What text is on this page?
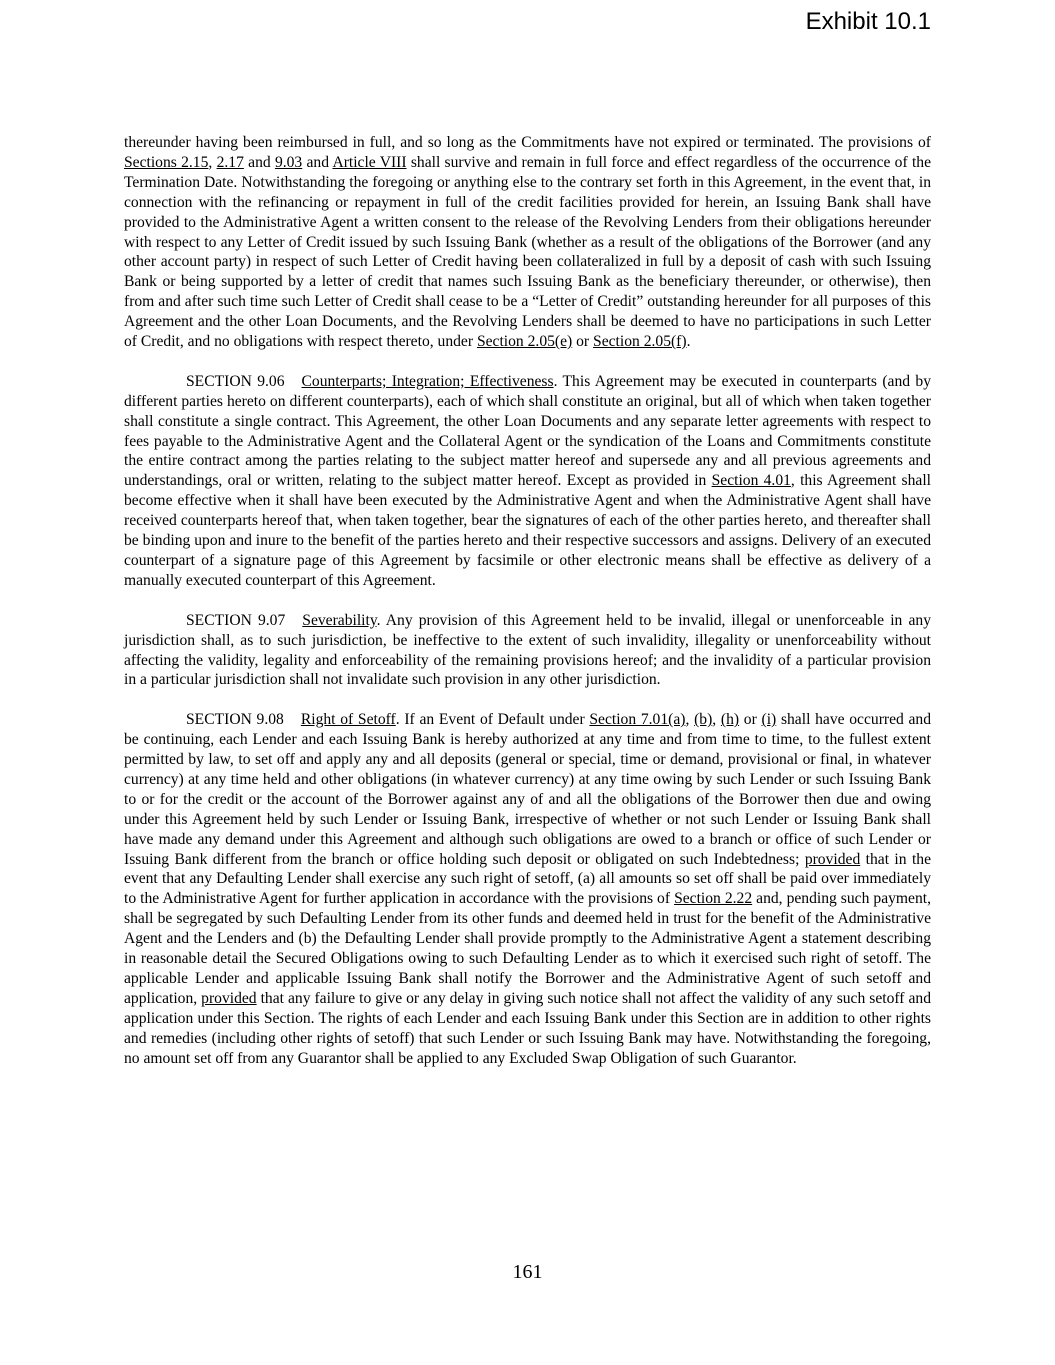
Exhibit 10.1

thereunder having been reimbursed in full, and so long as the Commitments have not expired or terminated. The provisions of Sections 2.15, 2.17 and 9.03 and Article VIII shall survive and remain in full force and effect regardless of the occurrence of the Termination Date. Notwithstanding the foregoing or anything else to the contrary set forth in this Agreement, in the event that, in connection with the refinancing or repayment in full of the credit facilities provided for herein, an Issuing Bank shall have provided to the Administrative Agent a written consent to the release of the Revolving Lenders from their obligations hereunder with respect to any Letter of Credit issued by such Issuing Bank (whether as a result of the obligations of the Borrower (and any other account party) in respect of such Letter of Credit having been collateralized in full by a deposit of cash with such Issuing Bank or being supported by a letter of credit that names such Issuing Bank as the beneficiary thereunder, or otherwise), then from and after such time such Letter of Credit shall cease to be a “Letter of Credit” outstanding hereunder for all purposes of this Agreement and the other Loan Documents, and the Revolving Lenders shall be deemed to have no participations in such Letter of Credit, and no obligations with respect thereto, under Section 2.05(e) or Section 2.05(f).

SECTION 9.06 Counterparts; Integration; Effectiveness. This Agreement may be executed in counterparts (and by different parties hereto on different counterparts), each of which shall constitute an original, but all of which when taken together shall constitute a single contract. This Agreement, the other Loan Documents and any separate letter agreements with respect to fees payable to the Administrative Agent and the Collateral Agent or the syndication of the Loans and Commitments constitute the entire contract among the parties relating to the subject matter hereof and supersede any and all previous agreements and understandings, oral or written, relating to the subject matter hereof. Except as provided in Section 4.01, this Agreement shall become effective when it shall have been executed by the Administrative Agent and when the Administrative Agent shall have received counterparts hereof that, when taken together, bear the signatures of each of the other parties hereto, and thereafter shall be binding upon and inure to the benefit of the parties hereto and their respective successors and assigns. Delivery of an executed counterpart of a signature page of this Agreement by facsimile or other electronic means shall be effective as delivery of a manually executed counterpart of this Agreement.

SECTION 9.07 Severability. Any provision of this Agreement held to be invalid, illegal or unenforceable in any jurisdiction shall, as to such jurisdiction, be ineffective to the extent of such invalidity, illegality or unenforceability without affecting the validity, legality and enforceability of the remaining provisions hereof; and the invalidity of a particular provision in a particular jurisdiction shall not invalidate such provision in any other jurisdiction.

SECTION 9.08 Right of Setoff. If an Event of Default under Section 7.01(a), (b), (h) or (i) shall have occurred and be continuing, each Lender and each Issuing Bank is hereby authorized at any time and from time to time, to the fullest extent permitted by law, to set off and apply any and all deposits (general or special, time or demand, provisional or final, in whatever currency) at any time held and other obligations (in whatever currency) at any time owing by such Lender or such Issuing Bank to or for the credit or the account of the Borrower against any of and all the obligations of the Borrower then due and owing under this Agreement held by such Lender or Issuing Bank, irrespective of whether or not such Lender or Issuing Bank shall have made any demand under this Agreement and although such obligations are owed to a branch or office of such Lender or Issuing Bank different from the branch or office holding such deposit or obligated on such Indebtedness; provided that in the event that any Defaulting Lender shall exercise any such right of setoff, (a) all amounts so set off shall be paid over immediately to the Administrative Agent for further application in accordance with the provisions of Section 2.22 and, pending such payment, shall be segregated by such Defaulting Lender from its other funds and deemed held in trust for the benefit of the Administrative Agent and the Lenders and (b) the Defaulting Lender shall provide promptly to the Administrative Agent a statement describing in reasonable detail the Secured Obligations owing to such Defaulting Lender as to which it exercised such right of setoff. The applicable Lender and applicable Issuing Bank shall notify the Borrower and the Administrative Agent of such setoff and application, provided that any failure to give or any delay in giving such notice shall not affect the validity of any such setoff and application under this Section. The rights of each Lender and each Issuing Bank under this Section are in addition to other rights and remedies (including other rights of setoff) that such Lender or such Issuing Bank may have. Notwithstanding the foregoing, no amount set off from any Guarantor shall be applied to any Excluded Swap Obligation of such Guarantor.

161
